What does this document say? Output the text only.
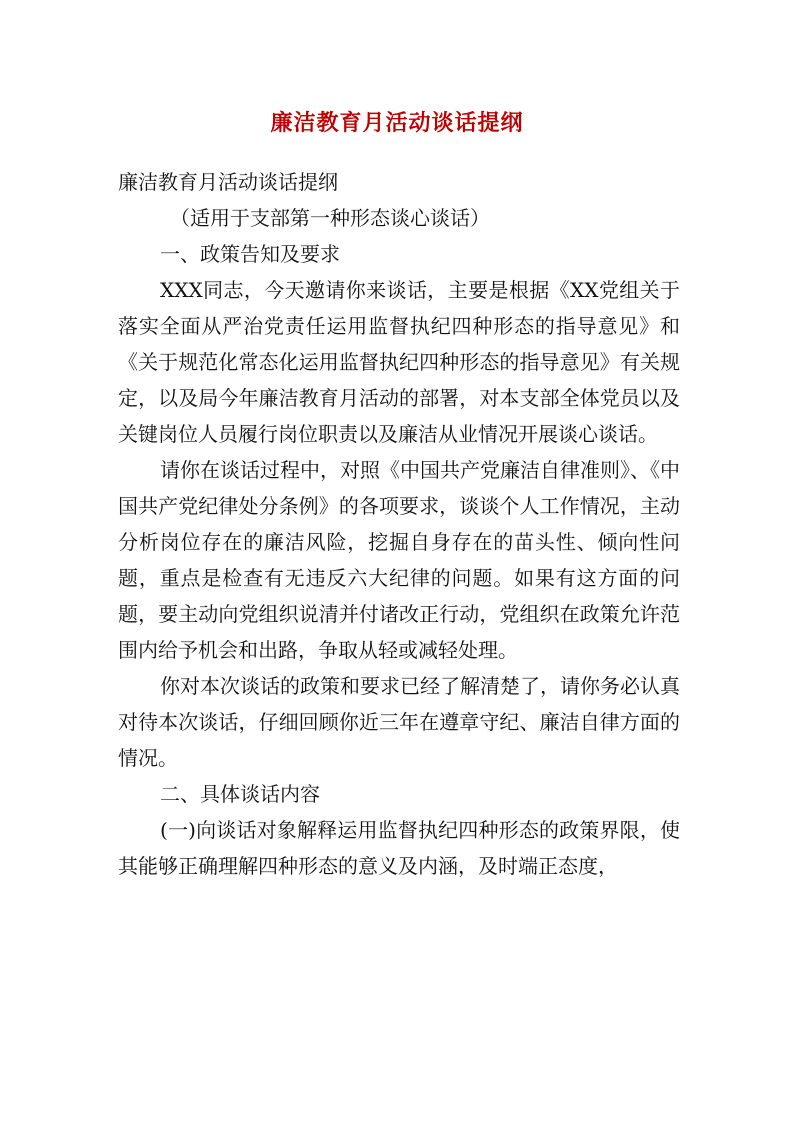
廉洁教育月活动谈话提纲
廉洁教育月活动谈话提纲
（适用于支部第一种形态谈心谈话）
一、政策告知及要求

XXX同志，今天邀请你来谈话，主要是根据《XX党组关于落实全面从严治党责任运用监督执纪四种形态的指导意见》和《关于规范化常态化运用监督执纪四种形态的指导意见》有关规定，以及局今年廉洁教育月活动的部署，对本支部全体党员以及关键岗位人员履行岗位职责以及廉洁从业情况开展谈心谈话。

请你在谈话过程中，对照《中国共产党廉洁自律准则》、《中国共产党纪律处分条例》的各项要求，谈谈个人工作情况，主动分析岗位存在的廉洁风险，挖掘自身存在的苗头性、倾向性问题，重点是检查有无违反六大纪律的问题。如果有这方面的问题，要主动向党组织说清并付诸改正行动，党组织在政策允许范围内给予机会和出路，争取从轻或减轻处理。

你对本次谈话的政策和要求已经了解清楚了，请你务必认真对待本次谈话，仔细回顾你近三年在遵章守纪、廉洁自律方面的情况。

二、具体谈话内容

(一)向谈话对象解释运用监督执纪四种形态的政策界限，使其能够正确理解四种形态的意义及内涵，及时端正态度，
